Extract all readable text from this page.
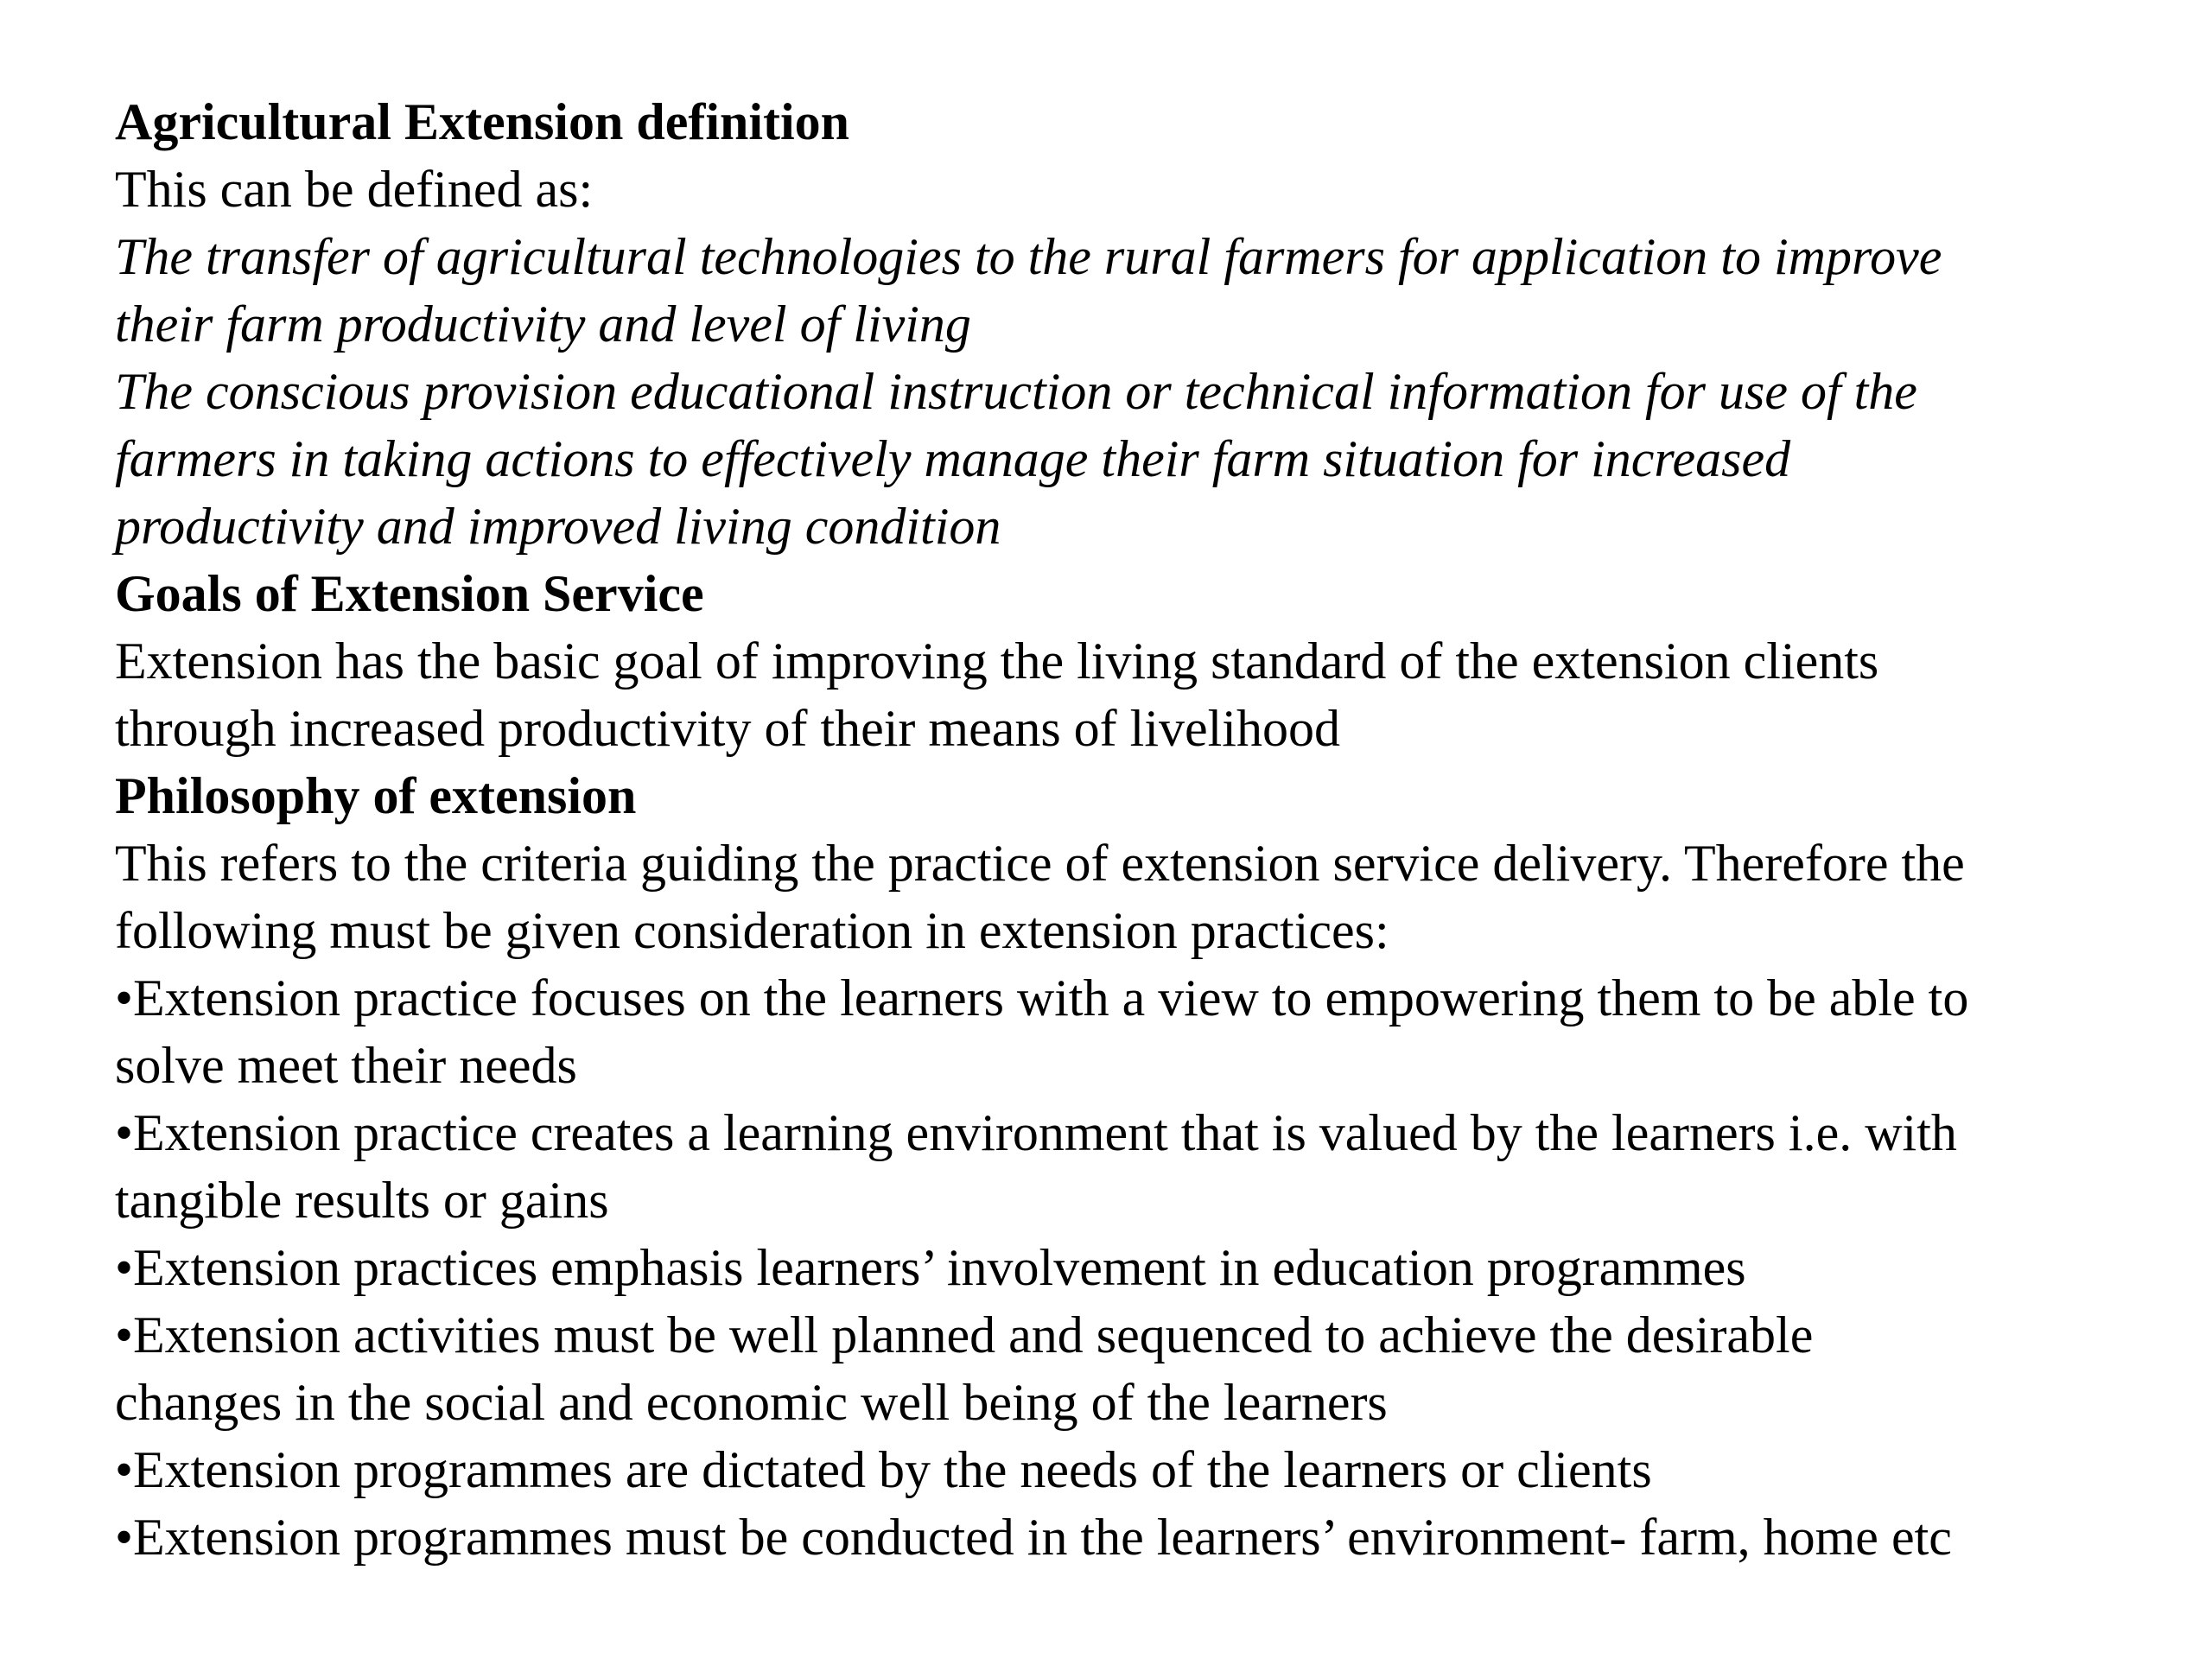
Agricultural Extension definition

This can be defined as:

The transfer of agricultural technologies to the rural farmers for application to improve

their farm productivity and level of living

The conscious provision educational instruction or technical information for use of the

farmers in taking actions to effectively manage their farm situation for increased

productivity and improved living condition

Goals of Extension Service

Extension has the basic goal of improving the living standard of the extension clients

through increased productivity of their means of livelihood

Philosophy of extension

This refers to the criteria guiding the practice of extension service delivery. Therefore the

following must be given consideration in extension practices:

•Extension practice focuses on the learners with a view to empowering them to be able to

solve meet their needs

•Extension practice creates a learning environment that is valued by the learners i.e. with

tangible results or gains

•Extension practices emphasis learners’ involvement in education programmes

•Extension activities must be well planned and sequenced to achieve the desirable

changes in the social and economic well being of the learners

•Extension programmes are dictated by the needs of the learners or clients

•Extension programmes must be conducted in the learners’ environment- farm, home etc
